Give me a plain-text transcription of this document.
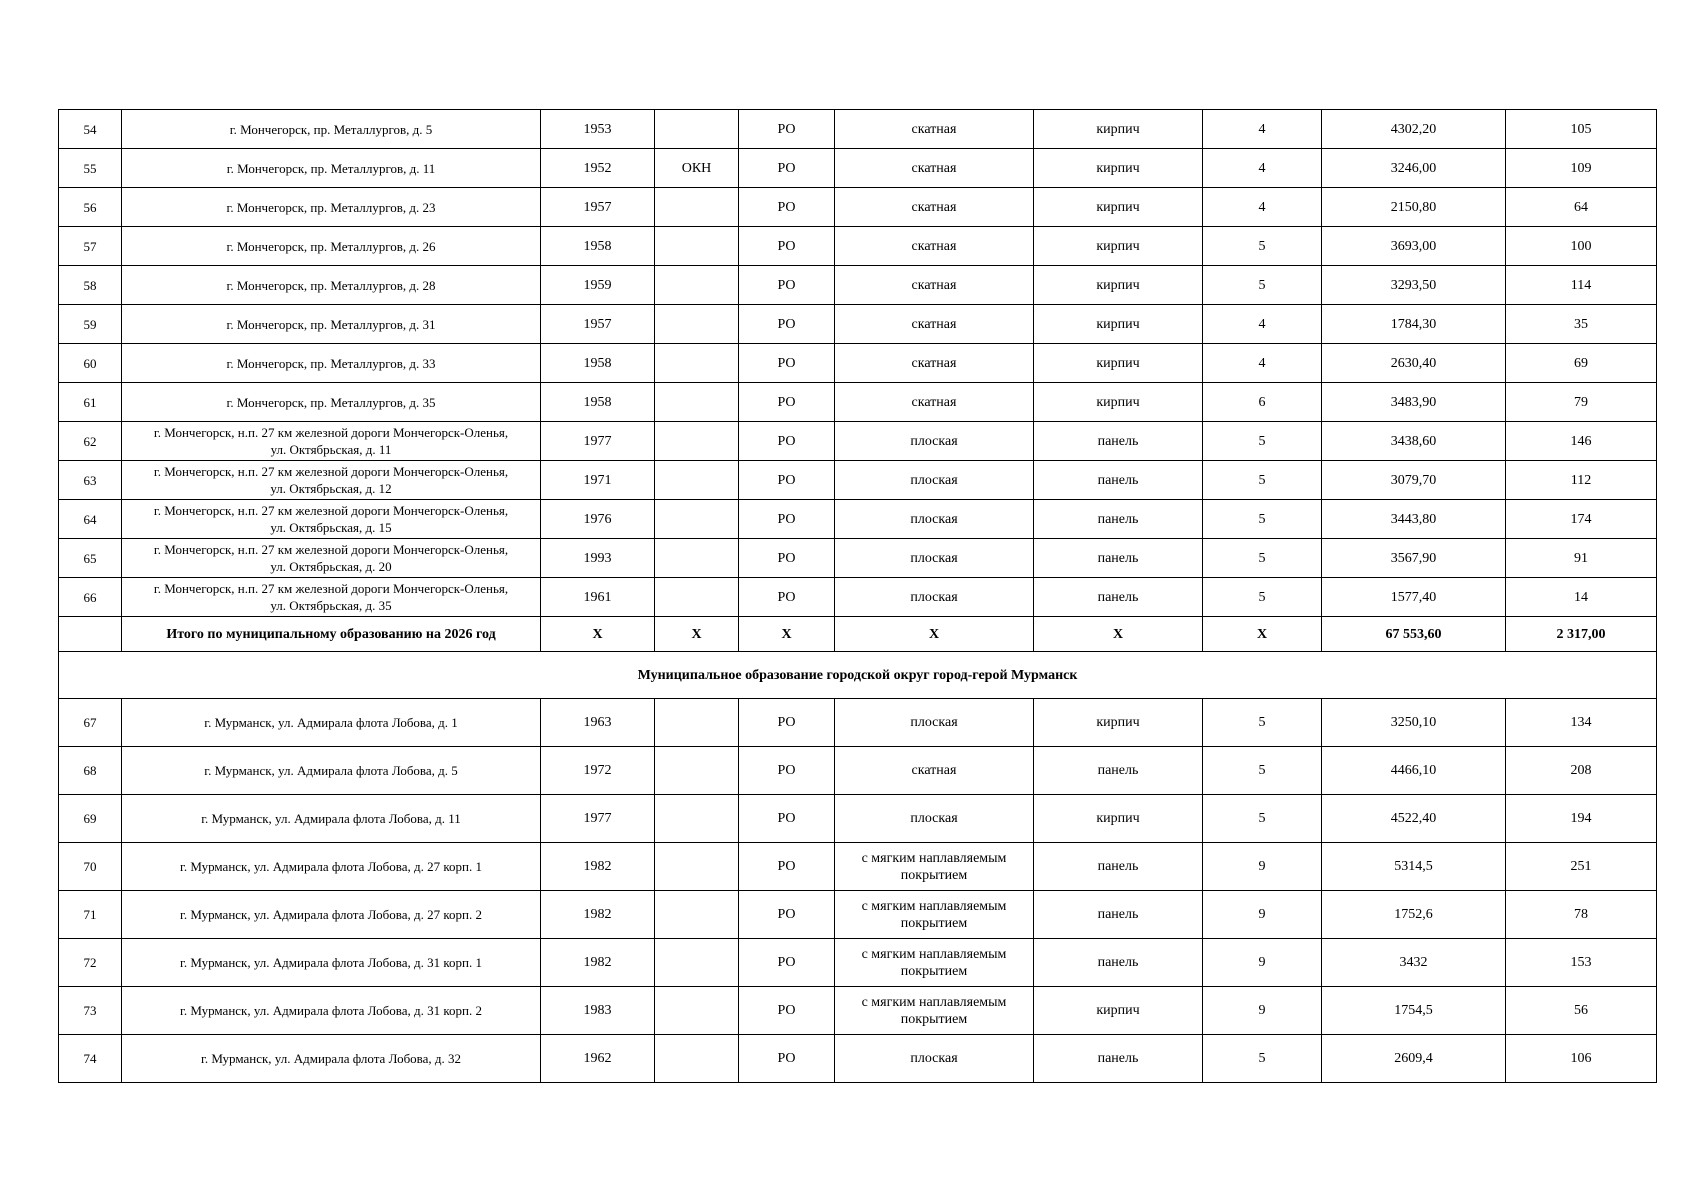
54	г. Мончегорск, пр. Металлургов, д. 5	1953		РО	скатная	кирпич	4	4302,20	105
55	г. Мончегорск, пр. Металлургов, д. 11	1952	ОКН	РО	скатная	кирпич	4	3246,00	109
56	г. Мончегорск, пр. Металлургов, д. 23	1957		РО	скатная	кирпич	4	2150,80	64
57	г. Мончегорск, пр. Металлургов, д. 26	1958		РО	скатная	кирпич	5	3693,00	100
58	г. Мончегорск, пр. Металлургов, д. 28	1959		РО	скатная	кирпич	5	3293,50	114
59	г. Мончегорск, пр. Металлургов, д. 31	1957		РО	скатная	кирпич	4	1784,30	35
60	г. Мончегорск, пр. Металлургов, д. 33	1958		РО	скатная	кирпич	4	2630,40	69
61	г. Мончегорск, пр. Металлургов, д. 35	1958		РО	скатная	кирпич	6	3483,90	79
62	г. Мончегорск, н.п. 27 км железной дороги Мончегорск-Оленья,
ул. Октябрьская, д. 11	1977		РО	плоская	панель	5	3438,60	146
63	г. Мончегорск, н.п. 27 км железной дороги Мончегорск-Оленья,
ул. Октябрьская, д. 12	1971		РО	плоская	панель	5	3079,70	112
64	г. Мончегорск, н.п. 27 км железной дороги Мончегорск-Оленья,
ул. Октябрьская, д. 15	1976		РО	плоская	панель	5	3443,80	174
65	г. Мончегорск, н.п. 27 км железной дороги Мончегорск-Оленья,
ул. Октябрьская, д. 20	1993		РО	плоская	панель	5	3567,90	91
66	г. Мончегорск, н.п. 27 км железной дороги Мончегорск-Оленья,
ул. Октябрьская, д. 35	1961		РО	плоская	панель	5	1577,40	14
	Итого по муниципальному образованию на 2026 год	Х	Х	Х	Х	Х	Х	67 553,60	2 317,00
Муниципальное образование городской округ город-герой Мурманск									
67	г. Мурманск, ул. Адмирала флота Лобова, д. 1	1963		РО	плоская	кирпич	5	3250,10	134
68	г. Мурманск, ул. Адмирала флота Лобова, д. 5	1972		РО	скатная	панель	5	4466,10	208
69	г. Мурманск, ул. Адмирала флота Лобова, д. 11	1977		РО	плоская	кирпич	5	4522,40	194
70	г. Мурманск, ул. Адмирала флота Лобова, д. 27 корп. 1	1982		РО	с мягким наплавляемым
покрытием	панель	9	5314,5	251
71	г. Мурманск, ул. Адмирала флота Лобова, д. 27 корп. 2	1982		РО	с мягким наплавляемым
покрытием	панель	9	1752,6	78
72	г. Мурманск, ул. Адмирала флота Лобова, д. 31 корп. 1	1982		РО	с мягким наплавляемым
покрытием	панель	9	3432	153
73	г. Мурманск, ул. Адмирала флота Лобова, д. 31 корп. 2	1983		РО	с мягким наплавляемым
покрытием	кирпич	9	1754,5	56
74	г. Мурманск, ул. Адмирала флота Лобова, д. 32	1962		РО	плоская	панель	5	2609,4	106
